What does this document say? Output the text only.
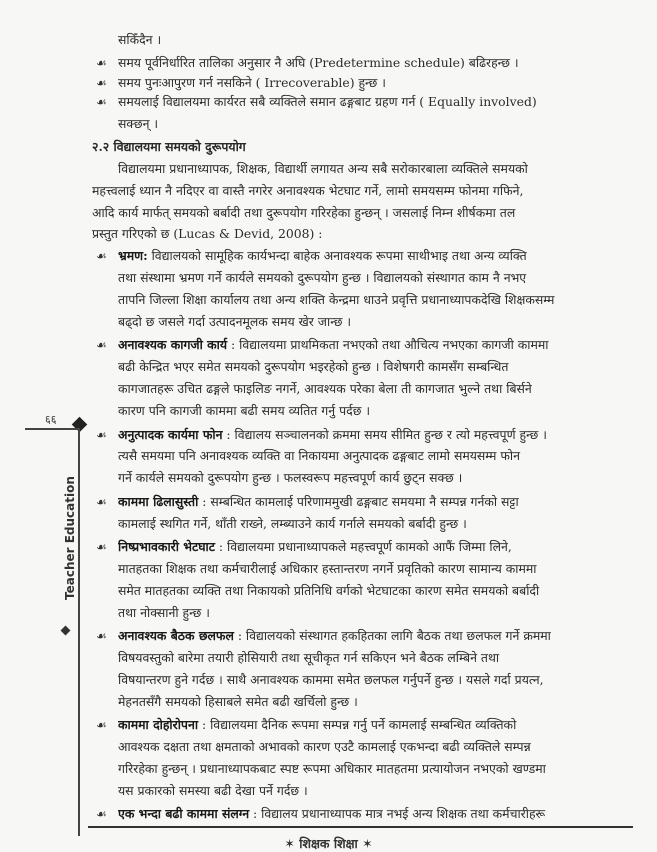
६६
Teacher Education
सकिँदैन ।
☙ समय पूर्वनिर्धारित तालिका अनुसार नै अघि (Predetermine schedule) बढिरहन्छ ।
☙ समय पुनःआपुरण गर्न नसकिने ( Irrecoverable) हुन्छ ।
☙ समयलाई विद्यालयमा कार्यरत सबै व्यक्तिले समान ढङ्गबाट ग्रहण गर्न ( Equally involved)
सक्छन् ।
२.२ विद्यालयमा समयको दुरूपयोग
विद्यालयमा प्रधानाध्यापक, शिक्षक, विद्यार्थी लगायत अन्य सबै सरोकारबाला व्यक्तिले समयको
महत्त्वलाई ध्यान नै नदिएर वा वास्तै नगरेर अनावश्यक भेटघाट गर्ने, लामो समयसम्म फोनमा गफिने,
आदि कार्य मार्फत् समयको बर्बादी तथा दुरूपयोग गरिरहेका हुन्छन् । जसलाई निम्न शीर्षकमा तल
प्रस्तुत गरिएको छ (Lucas & Devid, 2008) :
☙ भ्रमण: विद्यालयको सामूहिक कार्यभन्दा बाहेक अनावश्यक रूपमा साथीभाइ तथा अन्य व्यक्ति
तथा संस्थामा भ्रमण गर्ने कार्यले समयको दुरूपयोग हुन्छ । विद्यालयको संस्थागत काम नै नभए
तापनि जिल्ला शिक्षा कार्यालय तथा अन्य शक्ति केन्द्रमा धाउने प्रवृत्ति प्रधानाध्यापकदेखि शिक्षकसम्म
बढ्दो छ जसले गर्दा उत्पादनमूलक समय खेर जान्छ ।
☙ अनावश्यक कागजी कार्य : विद्यालयमा प्राथमिकता नभएको तथा औचित्य नभएका कागजी काममा
बढी केन्द्रित भएर समेत समयको दुरूपयोग भइरहेको हुन्छ । विशेषगरी कामसँग सम्बन्धित
कागजातहरू उचित ढङ्गले फाइलिङ नगर्ने, आवश्यक परेका बेला ती कागजात भुल्ने तथा बिर्सने
कारण पनि कागजी काममा बढी समय व्यतित गर्नु पर्दछ ।
☙ अनुत्पादक कार्यमा फोन : विद्यालय सञ्चालनको क्रममा समय सीमित हुन्छ र त्यो महत्त्वपूर्ण हुन्छ ।
त्यसै समयमा पनि अनावश्यक व्यक्ति वा निकायमा अनुत्पादक ढङ्गबाट लामो समयसम्म फोन
गर्ने कार्यले समयको दुरूपयोग हुन्छ । फलस्वरूप महत्त्वपूर्ण कार्य छुट्न सक्छ ।
☙ काममा ढिलासुस्ती : सम्बन्धित कामलाई परिणाममुखी ढङ्गबाट समयमा नै सम्पन्न गर्नको सट्टा
कामलाई स्थगित गर्ने, थाँती राख्ने, लम्ब्याउने कार्य गर्नाले समयको बर्बादी हुन्छ ।
☙ निष्प्रभावकारी भेटघाट : विद्यालयमा प्रधानाध्यापकले महत्त्वपूर्ण कामको आफैं जिम्मा लिने,
मातहतका शिक्षक तथा कर्मचारीलाई अधिकार हस्तान्तरण नगर्ने प्रवृतिको कारण सामान्य काममा
समेत मातहतका व्यक्ति तथा निकायको प्रतिनिधि वर्गको भेटघाटका कारण समेत समयको बर्बादी
तथा नोक्सानी हुन्छ ।
☙ अनावश्यक बैठक छलफल : विद्यालयको संस्थागत हकहितका लागि बैठक तथा छलफल गर्ने क्रममा
विषयवस्तुको बारेमा तयारी होसियारी तथा सूचीकृत गर्न सकिएन भने बैठक लम्बिने तथा
विषयान्तरण हुने गर्दछ । साथै अनावश्यक काममा समेत छलफल गर्नुपर्ने हुन्छ । यसले गर्दा प्रयत्न,
मेहनतसँगै समयको हिसाबले समेत बढी खर्चिलो हुन्छ ।
☙ काममा दोहोरोपना : विद्यालयमा दैनिक रूपमा सम्पन्न गर्नु पर्ने कामलाई सम्बन्धित व्यक्तिको
आवश्यक दक्षता तथा क्षमताको अभावको कारण एउटै कामलाई एकभन्दा बढी व्यक्तिले सम्पन्न
गरिरहेका हुन्छन् । प्रधानाध्यापकबाट स्पष्ट रूपमा अधिकार मातहतमा प्रत्यायोजन नभएको खण्डमा
यस प्रकारको समस्या बढी देखा पर्ने गर्दछ ।
☙ एक भन्दा बढी काममा संलग्न : विद्यालय प्रधानाध्यापक मात्र नभई अन्य शिक्षक तथा कर्मचारीहरू
✶ शिक्षक शिक्षा ✶
